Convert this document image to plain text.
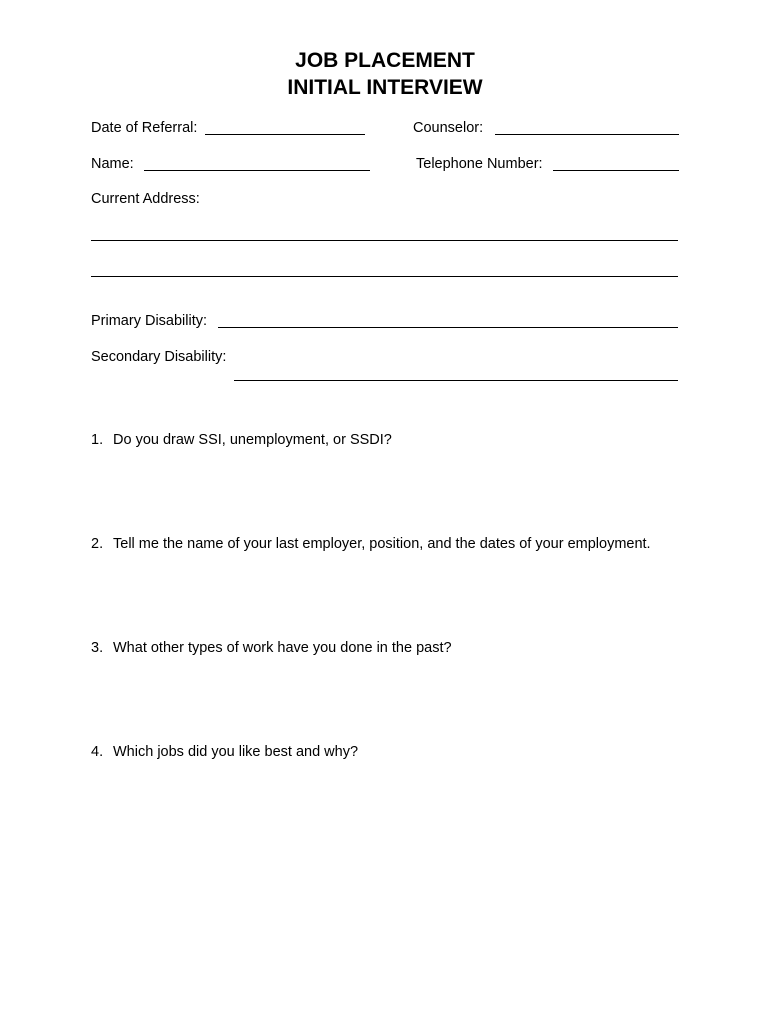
JOB PLACEMENT
INITIAL INTERVIEW
Date of Referral:	Counselor:
Name:	Telephone Number:
Current Address:
Primary Disability:
Secondary Disability:
1. Do you draw SSI, unemployment, or SSDI?
2. Tell me the name of your last employer, position, and the dates of your employment.
3. What other types of work have you done in the past?
4. Which jobs did you like best and why?
